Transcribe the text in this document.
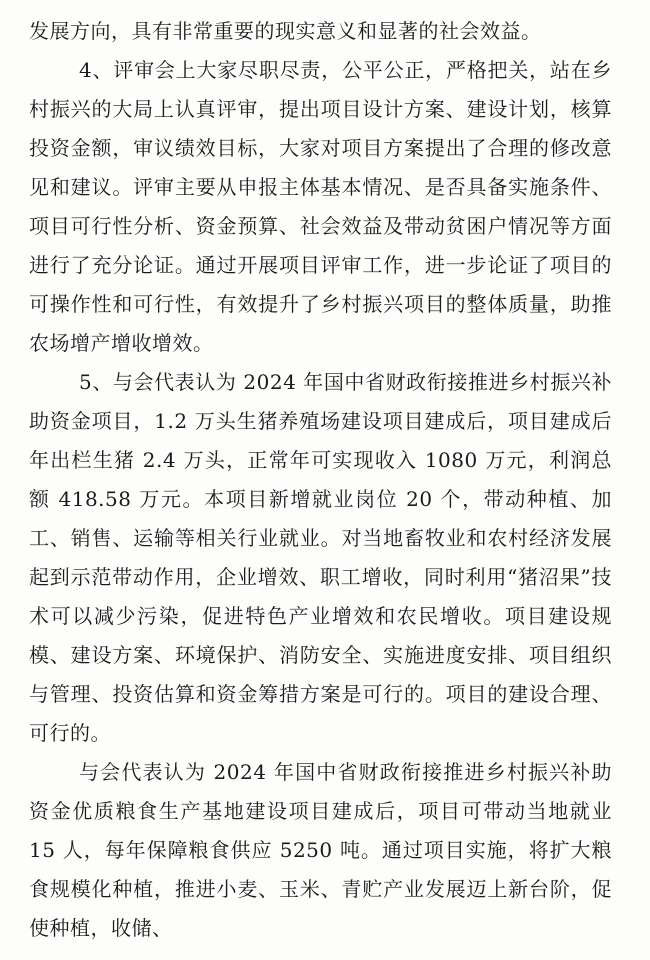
发展方向，具有非常重要的现实意义和显著的社会效益。

4、评审会上大家尽职尽责，公平公正，严格把关，站在乡村振兴的大局上认真评审，提出项目设计方案、建设计划，核算投资金额，审议绩效目标，大家对项目方案提出了合理的修改意见和建议。评审主要从申报主体基本情况、是否具备实施条件、项目可行性分析、资金预算、社会效益及带动贫困户情况等方面进行了充分论证。通过开展项目评审工作，进一步论证了项目的可操作性和可行性，有效提升了乡村振兴项目的整体质量，助推农场增产增收增效。

5、与会代表认为 2024 年国中省财政衔接推进乡村振兴补助资金项目，1.2 万头生猪养殖场建设项目建成后，项目建成后年出栏生猪 2.4 万头，正常年可实现收入 1080 万元，利润总额 418.58 万元。本项目新增就业岗位 20 个，带动种植、加工、销售、运输等相关行业就业。对当地畜牧业和农村经济发展起到示范带动作用，企业增效、职工增收，同时利用“猪沼果”技术可以减少污染，促进特色产业增效和农民增收。项目建设规模、建设方案、环境保护、消防安全、实施进度安排、项目组织与管理、投资估算和资金筹措方案是可行的。项目的建设合理、可行的。

与会代表认为 2024 年国中省财政衔接推进乡村振兴补助资金优质粮食生产基地建设项目建成后，项目可带动当地就业 15 人，每年保障粮食供应 5250 吨。通过项目实施，将扩大粮食规模化种植，推进小麦、玉米、青贮产业发展迈上新台阶，促使种植，收储、
